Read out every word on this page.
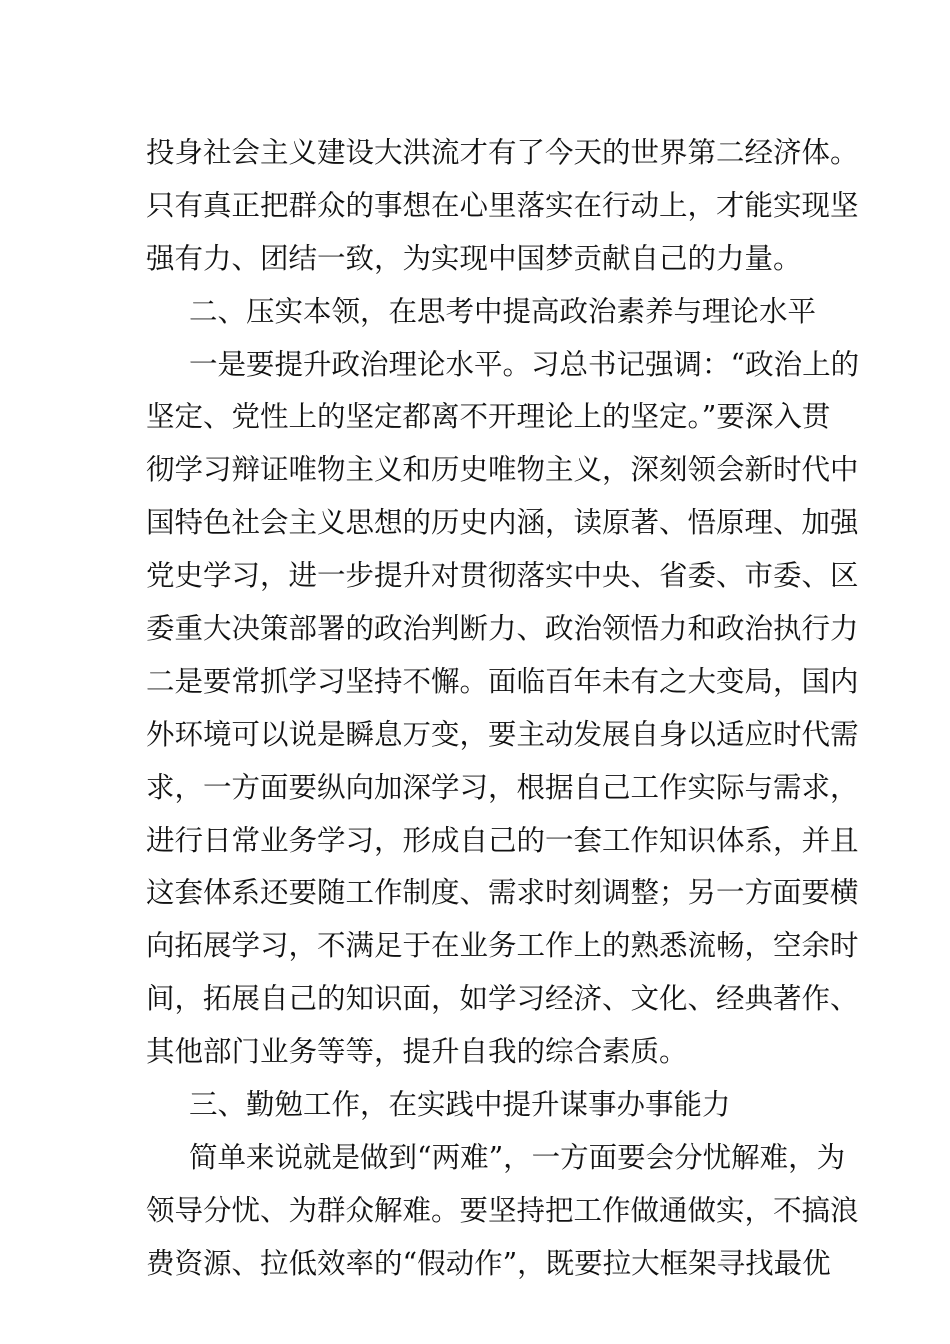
投身社会主义建设大洪流才有了今天的世界第二经济体。
只有真正把群众的事想在心里落实在行动上，才能实现坚
强有力、团结一致，为实现中国梦贡献自己的力量。
二、压实本领，在思考中提高政治素养与理论水平
一是要提升政治理论水平。习总书记强调：“政治上的
坚定、党性上的坚定都离不开理论上的坚定。”要深入贯
彻学习辩证唯物主义和历史唯物主义，深刻领会新时代中
国特色社会主义思想的历史内涵，读原著、悟原理、加强
党史学习，进一步提升对贯彻落实中央、省委、市委、区
委重大决策部署的政治判断力、政治领悟力和政治执行力
二是要常抓学习坚持不懈。面临百年未有之大变局，国内
外环境可以说是瞬息万变，要主动发展自身以适应时代需
求，一方面要纵向加深学习，根据自己工作实际与需求，
进行日常业务学习，形成自己的一套工作知识体系，并且
这套体系还要随工作制度、需求时刻调整；另一方面要横
向拓展学习，不满足于在业务工作上的熟悉流畅，空余时
间，拓展自己的知识面，如学习经济、文化、经典著作、
其他部门业务等等，提升自我的综合素质。
三、勤勉工作，在实践中提升谋事办事能力
简单来说就是做到“两难”，一方面要会分忧解难，为
领导分忧、为群众解难。要坚持把工作做通做实，不搞浪
费资源、拉低效率的“假动作”，既要拉大框架寻找最优
